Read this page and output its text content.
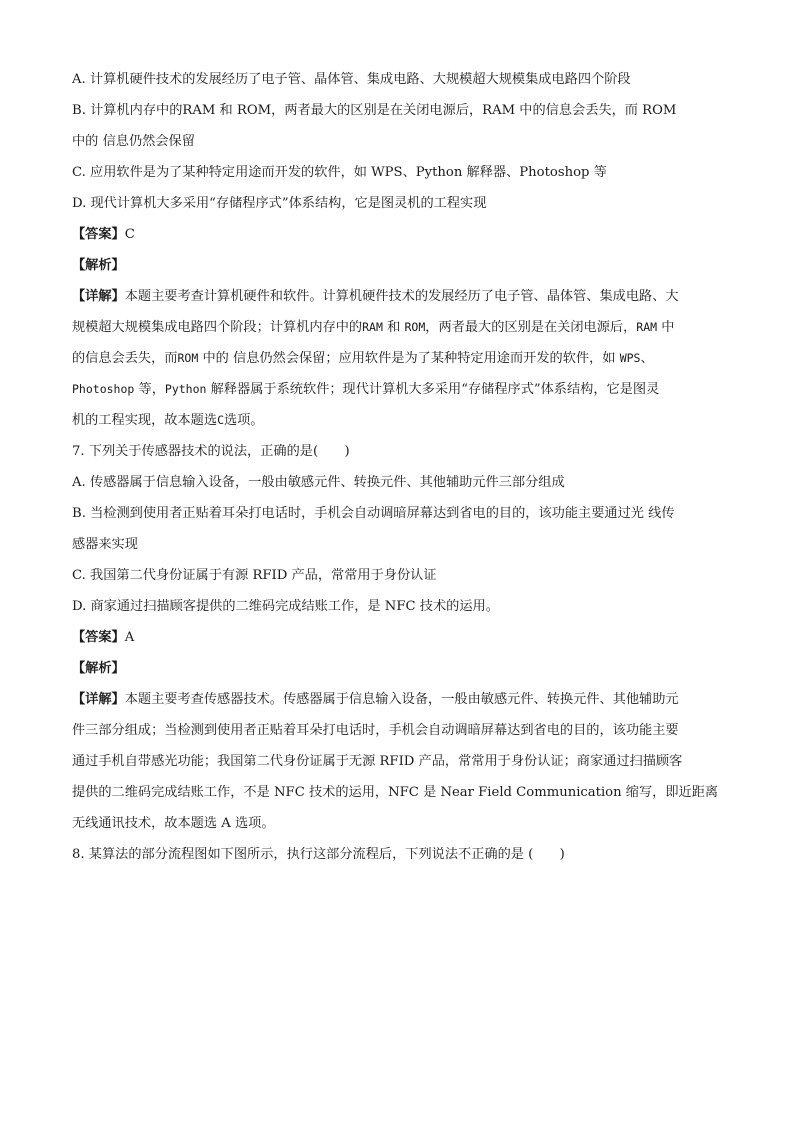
A. 计算机硬件技术的发展经历了电子管、晶体管、集成电路、大规模超大规模集成电路四个阶段
B. 计算机内存中的RAM 和 ROM，两者最大的区别是在关闭电源后，RAM 中的信息会丢失，而 ROM
中的 信息仍然会保留
C. 应用软件是为了某种特定用途而开发的软件，如 WPS、Python 解释器、Photoshop 等
D. 现代计算机大多采用“存储程序式”体系结构，它是图灵机的工程实现
【答案】C
【解析】
【详解】本题主要考查计算机硬件和软件。计算机硬件技术的发展经历了电子管、晶体管、集成电路、大
规模超大规模集成电路四个阶段；计算机内存中的RAM 和 ROM，两者最大的区别是在关闭电源后，RAM 中
的信息会丢失，而ROM 中的 信息仍然会保留；应用软件是为了某种特定用途而开发的软件，如 WPS、
Photoshop 等，Python 解释器属于系统软件；现代计算机大多采用“存储程序式”体系结构，它是图灵
机的工程实现，故本题选C选项。
7. 下列关于传感器技术的说法，正确的是(　　)
A. 传感器属于信息输入设备，一般由敏感元件、转换元件、其他辅助元件三部分组成
B. 当检测到使用者正贴着耳朵打电话时，手机会自动调暗屏幕达到省电的目的，该功能主要通过光 线传
感器来实现
C. 我国第二代身份证属于有源 RFID 产品，常常用于身份认证
D. 商家通过扫描顾客提供的二维码完成结账工作，是 NFC 技术的运用。
【答案】A
【解析】
【详解】本题主要考查传感器技术。传感器属于信息输入设备，一般由敏感元件、转换元件、其他辅助元
件三部分组成；当检测到使用者正贴着耳朵打电话时，手机会自动调暗屏幕达到省电的目的，该功能主要
通过手机自带感光功能；我国第二代身份证属于无源 RFID 产品，常常用于身份认证；商家通过扫描顾客
提供的二维码完成结账工作，不是 NFC 技术的运用，NFC 是 Near Field Communication 缩写，即近距离
无线通讯技术，故本题选 A 选项。
8. 某算法的部分流程图如下图所示，执行这部分流程后，下列说法不正确的是 (　　)
